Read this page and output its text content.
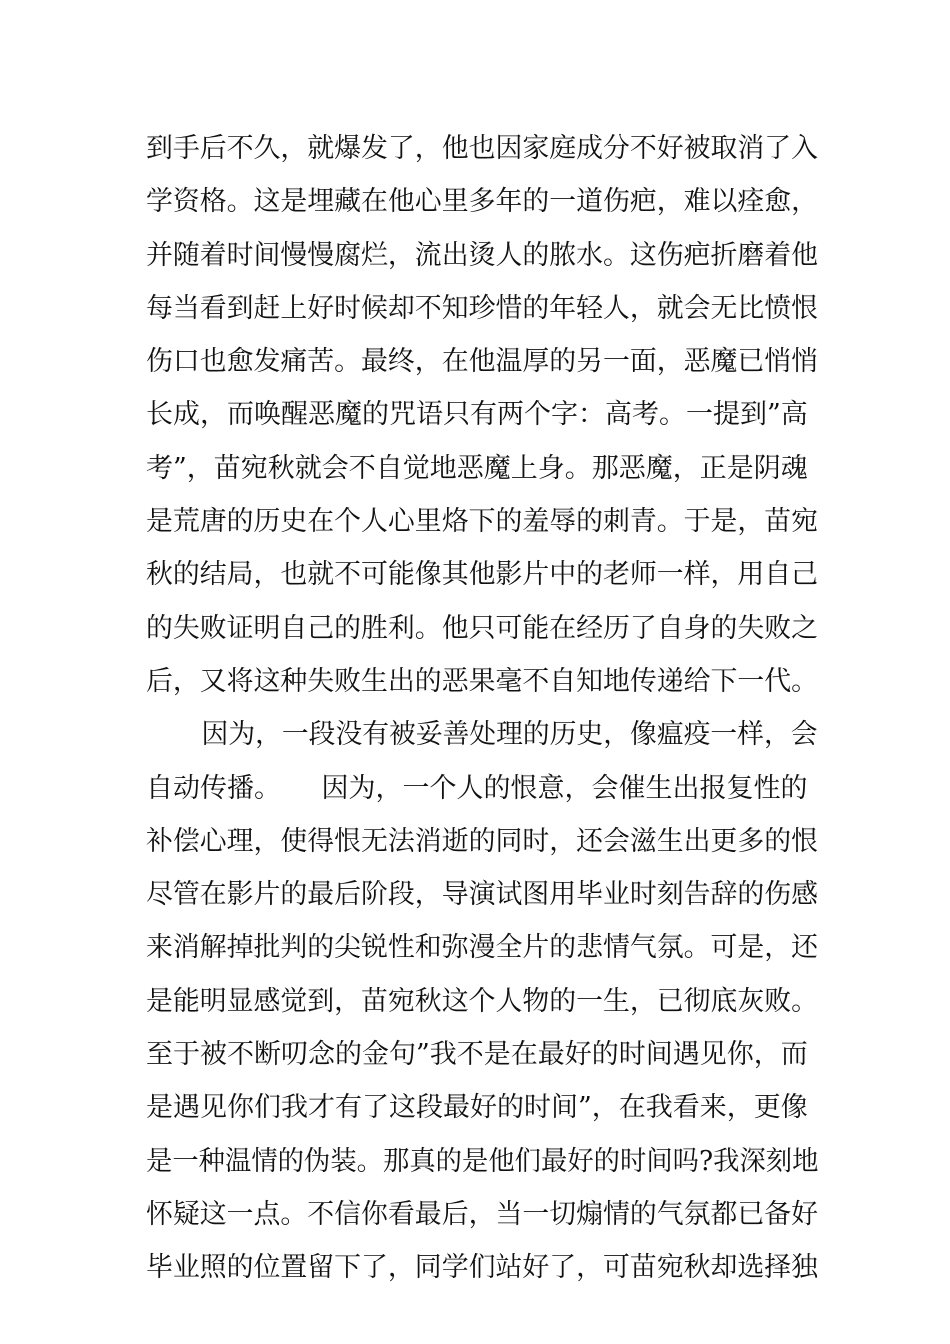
到手后不久，就爆发了，他也因家庭成分不好被取消了入
学资格。这是埋藏在他心里多年的一道伤疤，难以痊愈，
并随着时间慢慢腐烂，流出烫人的脓水。这伤疤折磨着他
每当看到赶上好时候却不知珍惜的年轻人，就会无比愤恨
伤口也愈发痛苦。最终，在他温厚的另一面，恶魔已悄悄
长成，而唤醒恶魔的咒语只有两个字：高考。一提到”高
考”，苗宛秋就会不自觉地恶魔上身。那恶魔，正是阴魂
是荒唐的历史在个人心里烙下的羞辱的刺青。于是，苗宛
秋的结局，也就不可能像其他影片中的老师一样，用自己
的失败证明自己的胜利。他只可能在经历了自身的失败之
后，又将这种失败生出的恶果毫不自知地传递给下一代。
因为，一段没有被妥善处理的历史，像瘟疫一样，会
自动传播。　　因为，一个人的恨意，会催生出报复性的
补偿心理，使得恨无法消逝的同时，还会滋生出更多的恨
尽管在影片的最后阶段，导演试图用毕业时刻告辞的伤感
来消解掉批判的尖锐性和弥漫全片的悲情气氛。可是，还
是能明显感觉到，苗宛秋这个人物的一生，已彻底灰败。
至于被不断叨念的金句”我不是在最好的时间遇见你，而
是遇见你们我才有了这段最好的时间”，在我看来，更像
是一种温情的伪装。那真的是他们最好的时间吗?我深刻地
怀疑这一点。不信你看最后，当一切煽情的气氛都已备好
毕业照的位置留下了，同学们站好了，可苗宛秋却选择独
